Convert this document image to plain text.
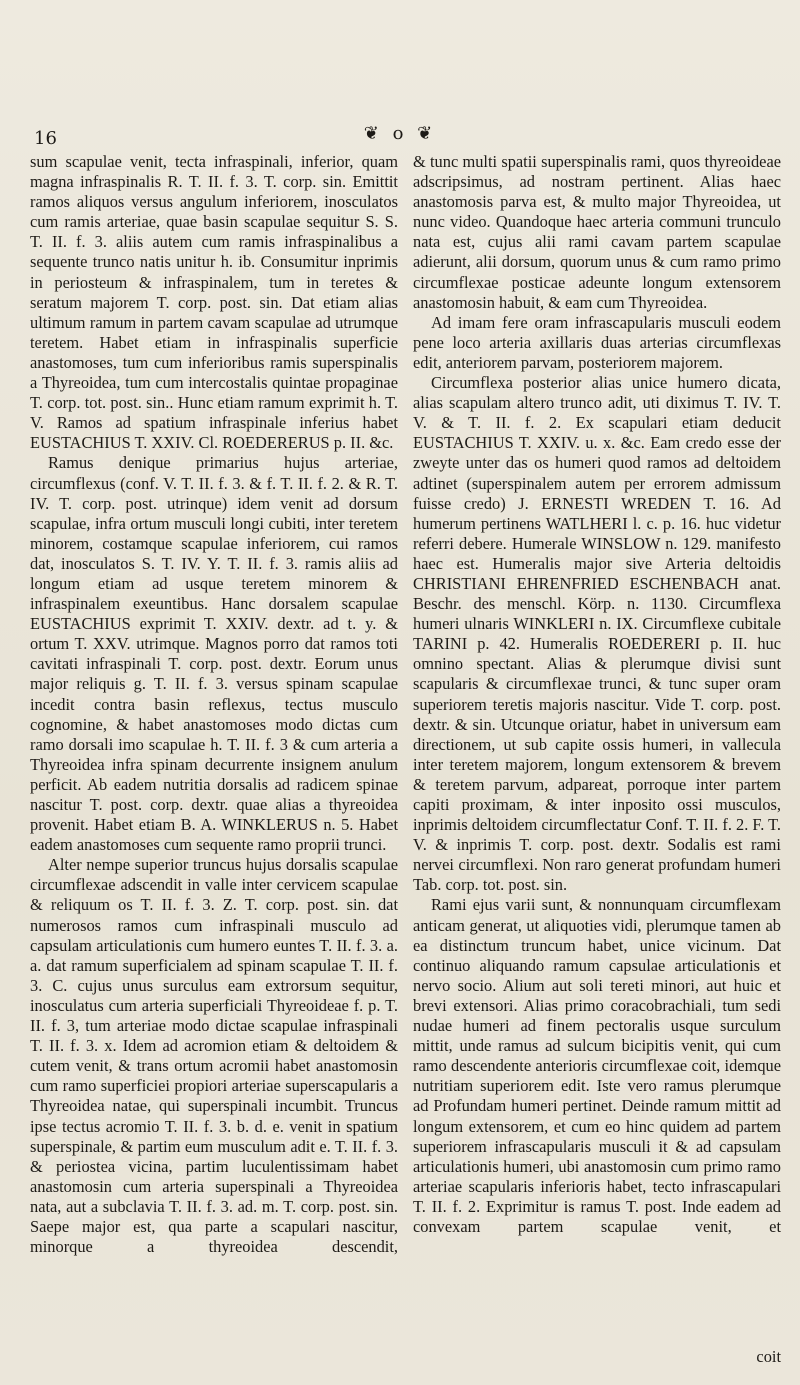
16	❦ o ❦

sum scapulae venit, tecta infraspinali, inferior, quam magna infraspinalis R. T. II. f. 3. T. corp. sin. Emittit ramos aliquos versus angulum inferiorem, inosculatos cum ramis arteriae, quae basin scapulae sequitur S. S. T. II. f. 3. aliis autem cum ramis infraspinalibus a sequente trunco natis unitur h. ib. Consumitur inprimis in periosteum & infraspinalem, tum in teretes & seratum majorem T. corp. post. sin. Dat etiam alias ultimum ramum in partem cavam scapulae ad utrumque teretem. Habet etiam in infraspinalis superficie anastomoses, tum cum inferioribus ramis superspinalis a Thyreoidea, tum cum intercostalis quintae propaginae T. corp. tot. post. sin.. Hunc etiam ramum exprimit h. T. V. Ramos ad spatium infraspinale inferius habet EUSTACHIUS T. XXIV. Cl. ROEDERERUS p. II. &c.

Ramus denique primarius hujus arteriae, circumflexus (conf. V. T. II. f. 3. & f. T. II. f. 2. & R. T. IV. T. corp. post. utrinque) idem venit ad dorsum scapulae, infra ortum musculi longi cubiti, inter teretem minorem, costamque scapulae inferiorem, cui ramos dat, inosculatos S. T. IV. Y. T. II. f. 3. ramis aliis ad longum etiam ad usque teretem minorem & infraspinalem exeuntibus. Hanc dorsalem scapulae EUSTACHIUS exprimit T. XXIV. dextr. ad t. y. & ortum T. XXV. utrimque. Magnos porro dat ramos toti cavitati infraspinali T. corp. post. dextr. Eorum unus major reliquis g. T. II. f. 3. versus spinam scapulae incedit contra basin reflexus, tectus musculo cognomine, & habet anastomoses modo dictas cum ramo dorsali imo scapulae h. T. II. f. 3 & cum arteria a Thyreoidea infra spinam decurrente insignem anulum perficit. Ab eadem nutritia dorsalis ad radicem spinae nascitur T. post. corp. dextr. quae alias a thyreoidea provenit. Habet etiam B. A. WINKLERUS n. 5. Habet eadem anastomoses cum sequente ramo proprii trunci.

Alter nempe superior truncus hujus dorsalis scapulae circumflexae adscendit in valle inter cervicem scapulae & reliquum os T. II. f. 3. Z. T. corp. post. sin. dat numerosos ramos cum infraspinali musculo ad capsulam articulationis cum humero euntes T. II. f. 3. a. a. dat ramum superficialem ad spinam scapulae T. II. f. 3. C. cujus unus surculus eam extrorsum sequitur, inosculatus cum arteria superficiali Thyreoideae f. p. T. II. f. 3, tum arteriae modo dictae scapulae infraspinali T. II. f. 3. x. Idem ad acromion etiam & deltoidem & cutem venit, & trans ortum acromii habet anastomosin cum ramo superficiei propiori arteriae superscapularis a Thyreoidea natae, qui superspinali incumbit. Truncus ipse tectus acromio T. II. f. 3. b. d. e. venit in spatium superspinale, & partim eum musculum adit e. T. II. f. 3. & periostea vicina, partim luculentissimam habet anastomosin cum arteria superspinali a Thyreoidea nata, aut a subclavia T. II. f. 3. ad. m. T. corp. post. sin. Saepe major est, qua parte a scapulari nascitur, minorque a thyreoidea descendit,

& tunc multi spatii superspinalis rami, quos thyreoideae adscripsimus, ad nostram pertinent. Alias haec anastomosis parva est, & multo major Thyreoidea, ut nunc video. Quandoque haec arteria communi trunculo nata est, cujus alii rami cavam partem scapulae adierunt, alii dorsum, quorum unus & cum ramo primo circumflexae posticae adeunte longum extensorem anastomosin habuit, & eam cum Thyreoidea.

Ad imam fere oram infrascapularis musculi eodem pene loco arteria axillaris duas arterias circumflexas edit, anteriorem parvam, posteriorem majorem.

Circumflexa posterior alias unice humero dicata, alias scapulam altero trunco adit, uti diximus T. IV. T. V. & T. II. f. 2. Ex scapulari etiam deducit EUSTACHIUS T. XXIV. u. x. &c. Eam credo esse der zweyte unter das os humeri quod ramos ad deltoidem adtinet (superspinalem autem per errorem admissum fuisse credo) J. ERNESTI WREDEN T. 16. Ad humerum pertinens WATLHERI l. c. p. 16. huc videtur referri debere. Humerale WINSLOW n. 129. manifesto haec est. Humeralis major sive Arteria deltoidis CHRISTIANI EHRENFRIED ESCHENBACH anat. Beschr. des menschl. Körp. n. 1130. Circumflexa humeri ulnaris WINKLERI n. IX. Circumflexe cubitale TARINI p. 42. Humeralis ROEDERERI p. II. huc omnino spectant. Alias & plerumque divisi sunt scapularis & circumflexae trunci, & tunc super oram superiorem teretis majoris nascitur. Vide T. corp. post. dextr. & sin. Utcunque oriatur, habet in universum eam directionem, ut sub capite ossis humeri, in vallecula inter teretem majorem, longum extensorem & brevem & teretem parvum, adpareat, porroque inter partem capiti proximam, & inter inposito ossi musculos, inprimis deltoidem circumflectatur Conf. T. II. f. 2. F. T. V. & inprimis T. corp. post. dextr. Sodalis est rami nervei circumflexi. Non raro generat profundam humeri Tab. corp. tot. post. sin.

Rami ejus varii sunt, & nonnunquam circumflexam anticam generat, ut aliquoties vidi, plerumque tamen ab ea distinctum truncum habet, unice vicinum. Dat continuo aliquando ramum capsulae articulationis et nervo socio. Alium aut soli tereti minori, aut huic et brevi extensori. Alias primo coracobrachiali, tum sedi nudae humeri ad finem pectoralis usque surculum mittit, unde ramus ad sulcum bicipitis venit, qui cum ramo descendente anterioris circumflexae coit, idemque nutritiam superiorem edit. Iste vero ramus plerumque ad Profundam humeri pertinet. Deinde ramum mittit ad longum extensorem, et cum eo hinc quidem ad partem superiorem infrascapularis musculi it & ad capsulam articulationis humeri, ubi anastomosin cum primo ramo arteriae scapularis inferioris habet, tecto infrascapulari T. II. f. 2. Exprimitur is ramus T. post. Inde eadem ad convexam partem scapulae venit, et

coit
